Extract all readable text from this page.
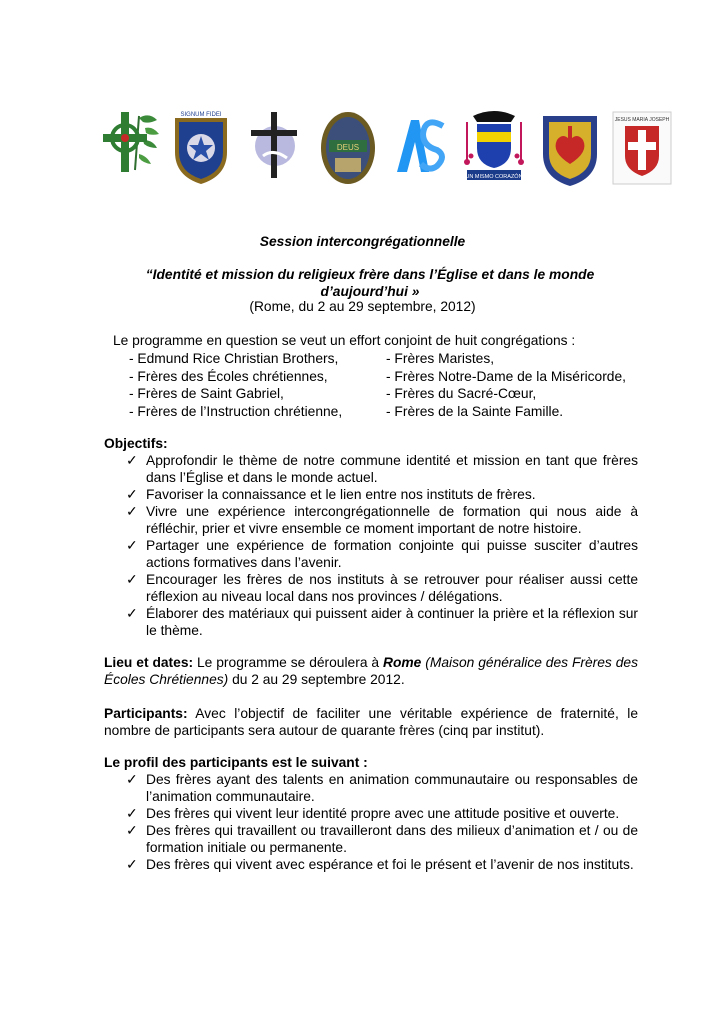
SIGNUM FIDEI
DEUS
UN MISMO CORAZÓN
JESUS MARIA JOSEPH
Session intercongrégationnelle
“Identité et mission du religieux frère dans l’Église et dans le monde d’aujourd’hui »
(Rome, du 2 au 29 septembre, 2012)
Le programme en question se veut un effort conjoint de huit congrégations :
- Edmund Rice Christian Brothers,
- Frères des Écoles chrétiennes,
- Frères de Saint Gabriel,
- Frères de l’Instruction chrétienne,
- Frères Maristes,
- Frères Notre-Dame de la Miséricorde,
- Frères du Sacré-Cœur,
- Frères de la Sainte Famille.
Objectifs:
✓ Approfondir le thème de notre commune identité et mission en tant que frères dans l’Église et dans le monde actuel.
✓ Favoriser la connaissance et le lien entre nos instituts de frères.
✓ Vivre une expérience intercongrégationnelle de formation qui nous aide à réfléchir, prier et vivre ensemble ce moment important de notre histoire.
✓ Partager une expérience de formation conjointe qui puisse susciter d’autres actions formatives dans l’avenir.
✓ Encourager les frères de nos instituts à se retrouver pour réaliser aussi cette réflexion au niveau local dans nos provinces / délégations.
✓ Élaborer des matériaux qui puissent aider à continuer la prière et la réflexion sur le thème.
Lieu et dates: Le programme se déroulera à Rome (Maison généralice des Frères des Écoles Chrétiennes) du 2 au 29 septembre 2012.
Participants: Avec l’objectif de faciliter une véritable expérience de fraternité, le nombre de participants sera autour de quarante frères (cinq par institut).
Le profil des participants est le suivant :
✓ Des frères ayant des talents en animation communautaire ou responsables de l’animation communautaire.
✓ Des frères qui vivent leur identité propre avec une attitude positive et ouverte.
✓ Des frères qui travaillent ou travailleront dans des milieux d’animation et / ou de formation initiale ou permanente.
✓ Des frères qui vivent avec espérance et foi le présent et l’avenir de nos instituts.
